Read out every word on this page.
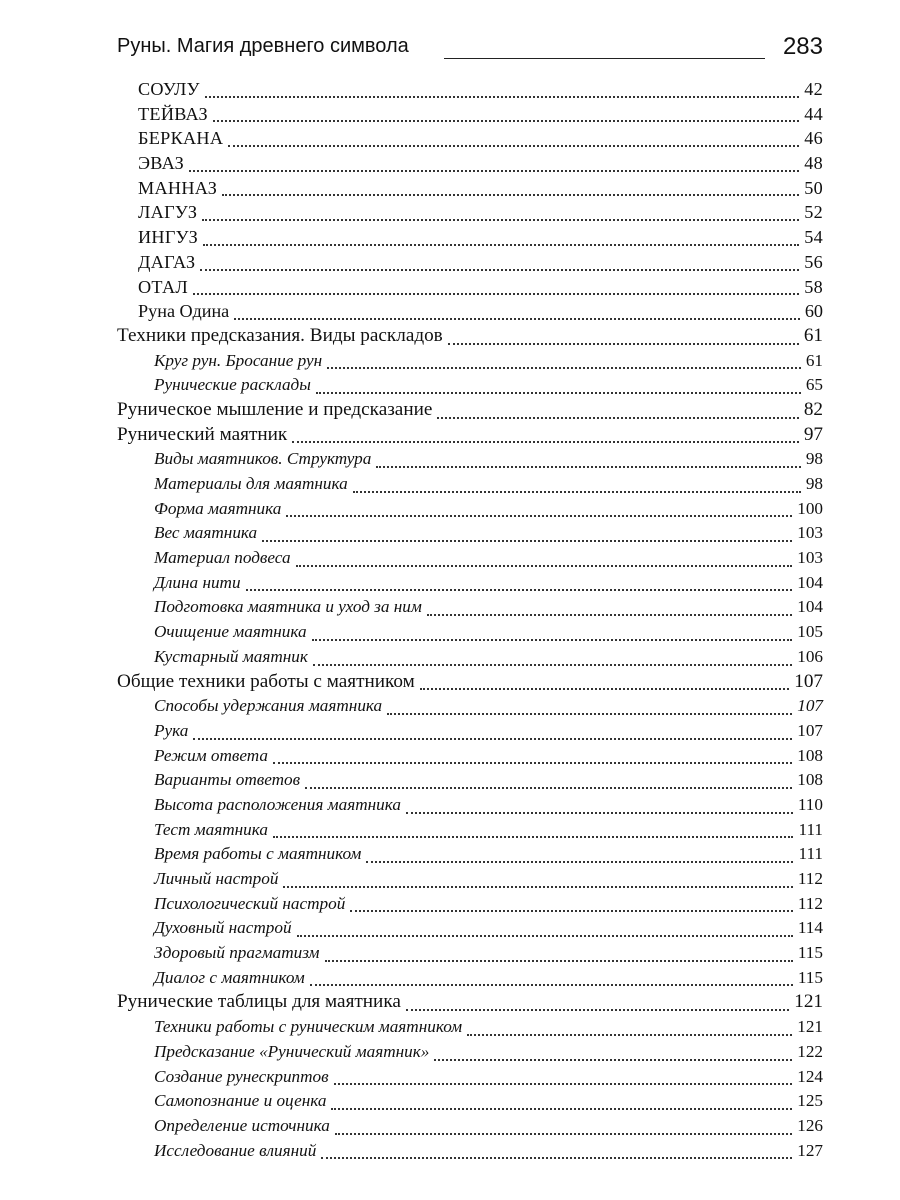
Руны. Магия древнего символа	283
СОУЛУ	42
ТЕЙВАЗ	44
БЕРКАНА	46
ЭВАЗ	48
МАННАЗ	50
ЛАГУЗ	52
ИНГУЗ	54
ДАГАЗ	56
ОТАЛ	58
Руна Одина	60
Техники предсказания. Виды раскладов	61
Круг рун. Бросание рун	61
Рунические расклады	65
Руническое мышление и предсказание	82
Рунический маятник	97
Виды маятников. Структура	98
Материалы для маятника	98
Форма маятника	100
Вес маятника	103
Материал подвеса	103
Длина нити	104
Подготовка маятника и уход за ним	104
Очищение маятника	105
Кустарный маятник	106
Общие техники работы с маятником	107
Способы удержания маятника	107
Рука	107
Режим ответа	108
Варианты ответов	108
Высота расположения маятника	110
Тест маятника	111
Время работы с маятником	111
Личный настрой	112
Психологический настрой	112
Духовный настрой	114
Здоровый прагматизм	115
Диалог с маятником	115
Рунические таблицы для маятника	121
Техники работы с руническим маятником	121
Предсказание «Рунический маятник»	122
Создание рунескриптов	124
Самопознание и оценка	125
Определение источника	126
Исследование влияний	127
